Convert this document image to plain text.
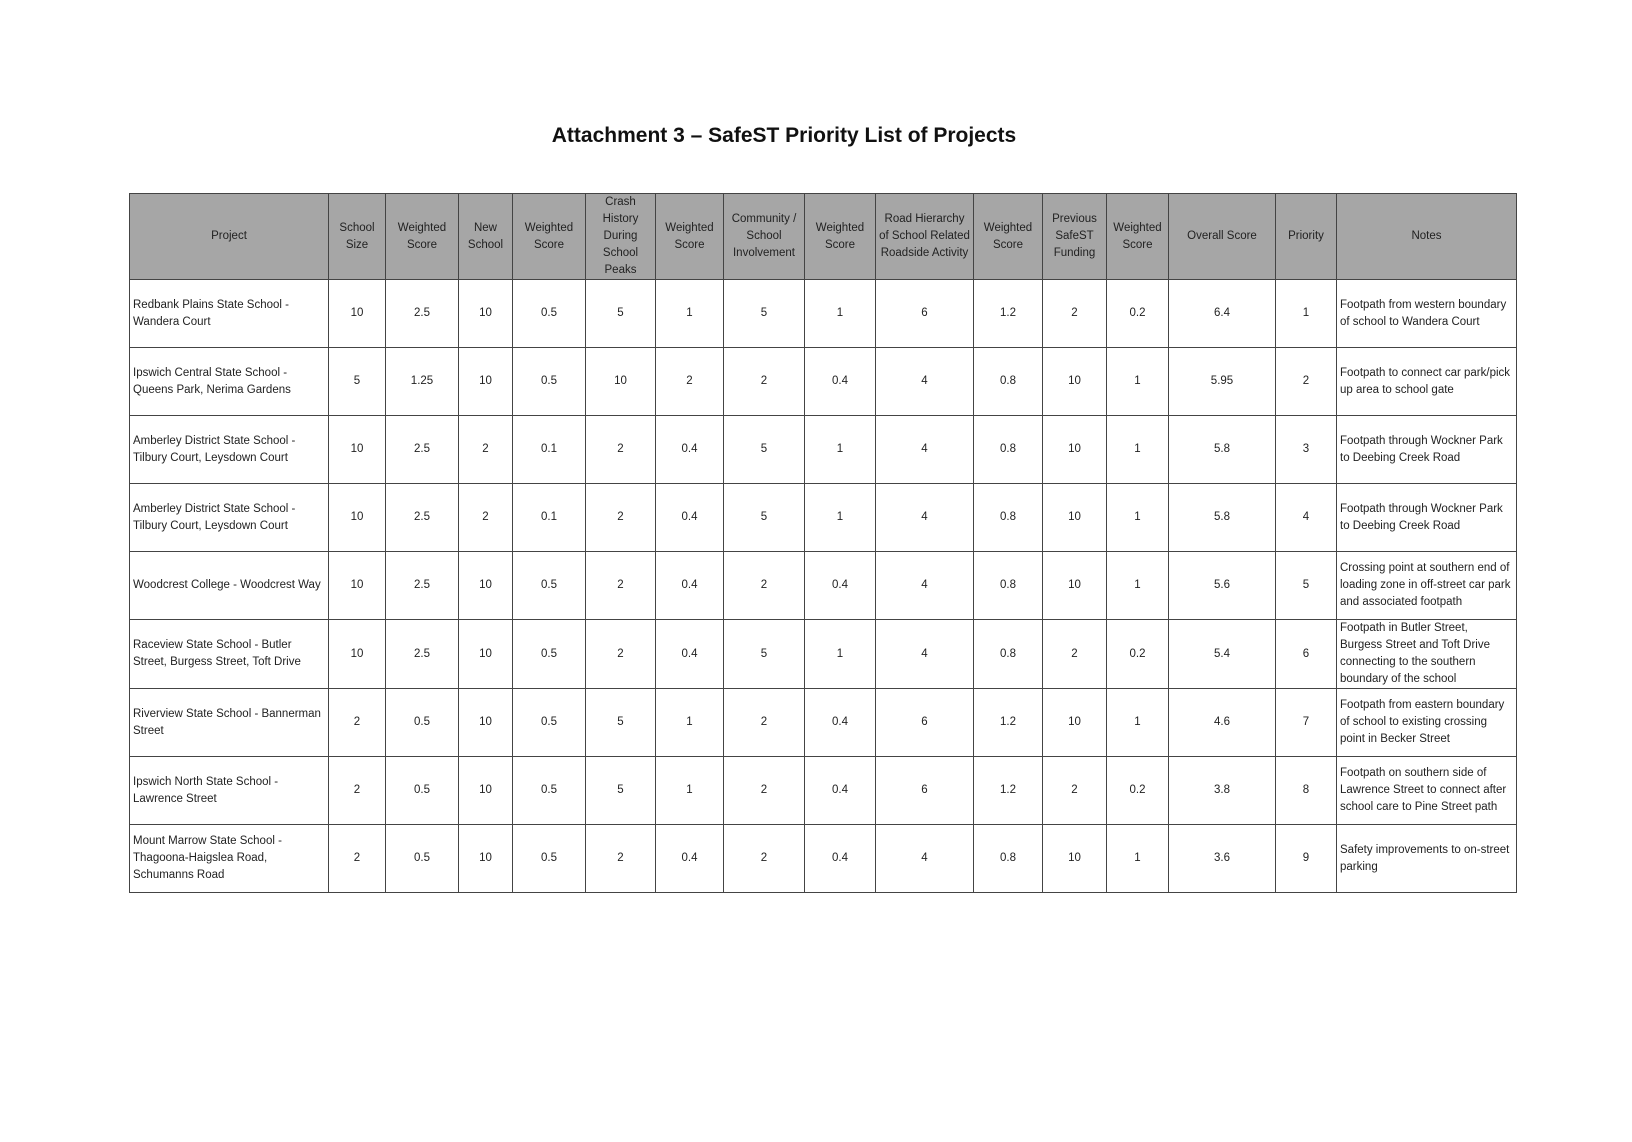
Attachment 3 – SafeST Priority List of Projects
Project	School Size	Weighted Score	New School	Weighted Score	Crash History During School Peaks	Weighted Score	Community / School Involvement	Weighted Score	Road Hierarchy of School Related Roadside Activity	Weighted Score	Previous SafeST Funding	Weighted Score	Overall Score	Priority	Notes
Redbank Plains State School - Wandera Court	10	2.5	10	0.5	5	1	5	1	6	1.2	2	0.2	6.4	1	Footpath from western boundary of school to Wandera Court
Ipswich Central State School - Queens Park, Nerima Gardens	5	1.25	10	0.5	10	2	2	0.4	4	0.8	10	1	5.95	2	Footpath to connect car park/pick up area to school gate
Amberley District State School - Tilbury Court, Leysdown Court	10	2.5	2	0.1	2	0.4	5	1	4	0.8	10	1	5.8	3	Footpath through Wockner Park to Deebing Creek Road
Amberley District State School - Tilbury Court, Leysdown Court	10	2.5	2	0.1	2	0.4	5	1	4	0.8	10	1	5.8	4	Footpath through Wockner Park to Deebing Creek Road
Woodcrest College - Woodcrest Way	10	2.5	10	0.5	2	0.4	2	0.4	4	0.8	10	1	5.6	5	Crossing point at southern end of loading zone in off-street car park and associated footpath
Raceview State School - Butler Street, Burgess Street, Toft Drive	10	2.5	10	0.5	2	0.4	5	1	4	0.8	2	0.2	5.4	6	Footpath in Butler Street, Burgess Street and Toft Drive connecting to the southern boundary of the school
Riverview State School - Bannerman Street	2	0.5	10	0.5	5	1	2	0.4	6	1.2	10	1	4.6	7	Footpath from eastern boundary of school to existing crossing point in Becker Street
Ipswich North State School - Lawrence Street	2	0.5	10	0.5	5	1	2	0.4	6	1.2	2	0.2	3.8	8	Footpath on southern side of Lawrence Street to connect after school care to Pine Street path
Mount Marrow State School - Thagoona-Haigslea Road, Schumanns Road	2	0.5	10	0.5	2	0.4	2	0.4	4	0.8	10	1	3.6	9	Safety improvements to on-street parking
